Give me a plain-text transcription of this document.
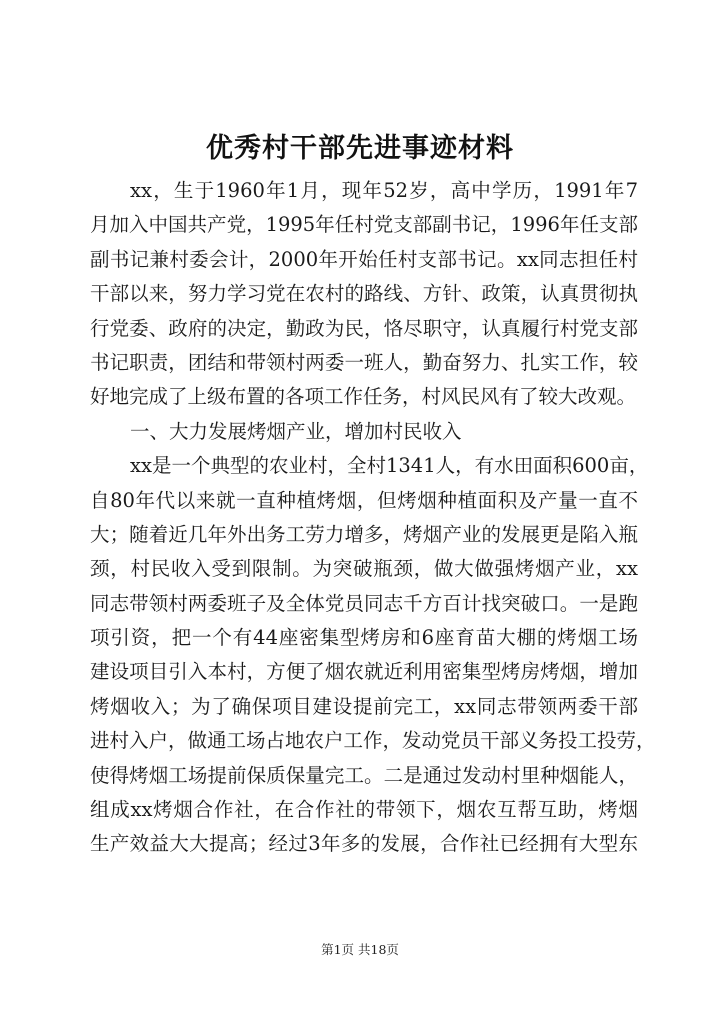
优秀村干部先进事迹材料
xx，生于1960年1月，现年52岁，高中学历，1991年7
月加入中国共产党，1995年任村党支部副书记，1996年任支部
副书记兼村委会计，2000年开始任村支部书记。xx同志担任村
干部以来，努力学习党在农村的路线、方针、政策，认真贯彻执
行党委、政府的决定，勤政为民，恪尽职守，认真履行村党支部
书记职责，团结和带领村两委一班人，勤奋努力、扎实工作，较
好地完成了上级布置的各项工作任务，村风民风有了较大改观。
一、大力发展烤烟产业，增加村民收入
xx是一个典型的农业村，全村1341人，有水田面积600亩，
自80年代以来就一直种植烤烟，但烤烟种植面积及产量一直不
大；随着近几年外出务工劳力增多，烤烟产业的发展更是陷入瓶
颈，村民收入受到限制。为突破瓶颈，做大做强烤烟产业，xx
同志带领村两委班子及全体党员同志千方百计找突破口。一是跑
项引资，把一个有44座密集型烤房和6座育苗大棚的烤烟工场
建设项目引入本村，方便了烟农就近利用密集型烤房烤烟，增加
烤烟收入；为了确保项目建设提前完工，xx同志带领两委干部
进村入户，做通工场占地农户工作，发动党员干部义务投工投劳，
使得烤烟工场提前保质保量完工。二是通过发动村里种烟能人，
组成xx烤烟合作社，在合作社的带领下，烟农互帮互助，烤烟
生产效益大大提高；经过3年多的发展，合作社已经拥有大型东
第1页 共18页
